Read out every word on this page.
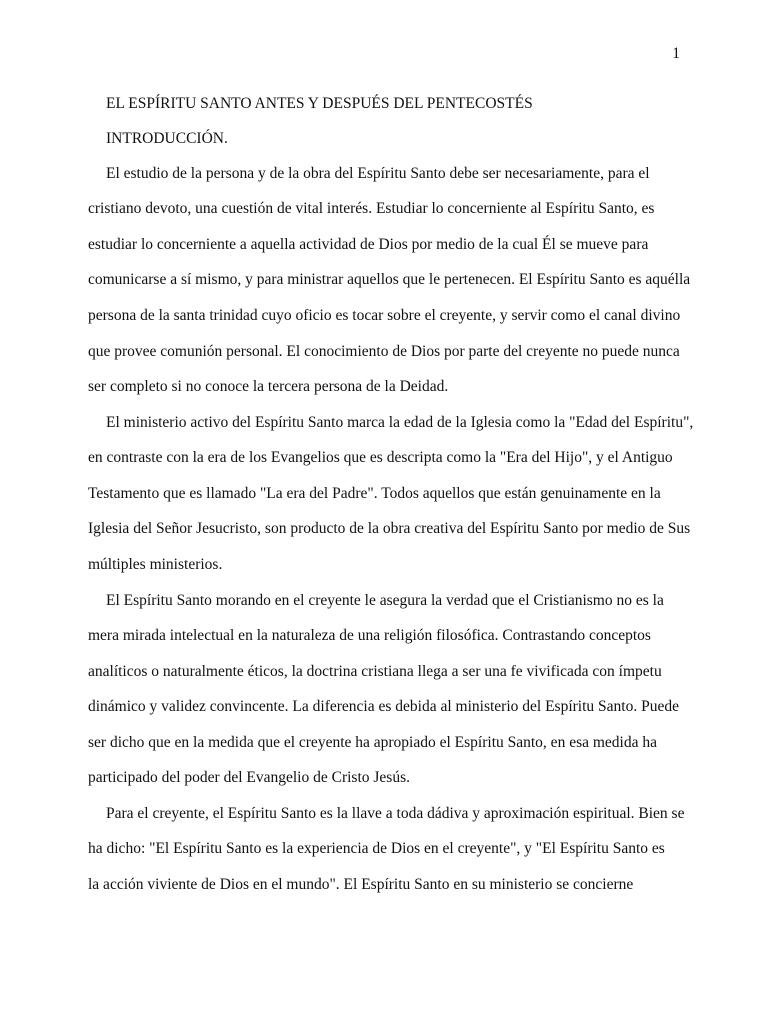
1
EL ESPÍRITU SANTO ANTES Y DESPUÉS DEL PENTECOSTÉS
INTRODUCCIÓN.
El estudio de la persona y de la obra del Espíritu Santo debe ser necesariamente, para el
cristiano devoto, una cuestión de vital interés. Estudiar lo concerniente al Espíritu Santo, es
estudiar lo concerniente a aquella actividad de Dios por medio de la cual Él se mueve para
comunicarse a sí mismo, y para ministrar aquellos que le pertenecen. El Espíritu Santo es aquélla
persona de la santa trinidad cuyo oficio es tocar sobre el creyente, y servir como el canal divino
que provee comunión personal. El conocimiento de Dios por parte del creyente no puede nunca
ser completo si no conoce la tercera persona de la Deidad.
El ministerio activo del Espíritu Santo marca la edad de la Iglesia como la "Edad del Espíritu",
en contraste con la era de los Evangelios que es descripta como la "Era del Hijo", y el Antiguo
Testamento que es llamado "La era del Padre". Todos aquellos que están genuinamente en la
Iglesia del Señor Jesucristo, son producto de la obra creativa del Espíritu Santo por medio de Sus
múltiples ministerios.
El Espíritu Santo morando en el creyente le asegura la verdad que el Cristianismo no es la
mera mirada intelectual en la naturaleza de una religión filosófica. Contrastando conceptos
analíticos o naturalmente éticos, la doctrina cristiana llega a ser una fe vivificada con ímpetu
dinámico y validez convincente. La diferencia es debida al ministerio del Espíritu Santo. Puede
ser dicho que en la medida que el creyente ha apropiado el Espíritu Santo, en esa medida ha
participado del poder del Evangelio de Cristo Jesús.
Para el creyente, el Espíritu Santo es la llave a toda dádiva y aproximación espiritual. Bien se
ha dicho: "El Espíritu Santo es la experiencia de Dios en el creyente", y "El Espíritu Santo es
la acción viviente de Dios en el mundo". El Espíritu Santo en su ministerio se concierne
